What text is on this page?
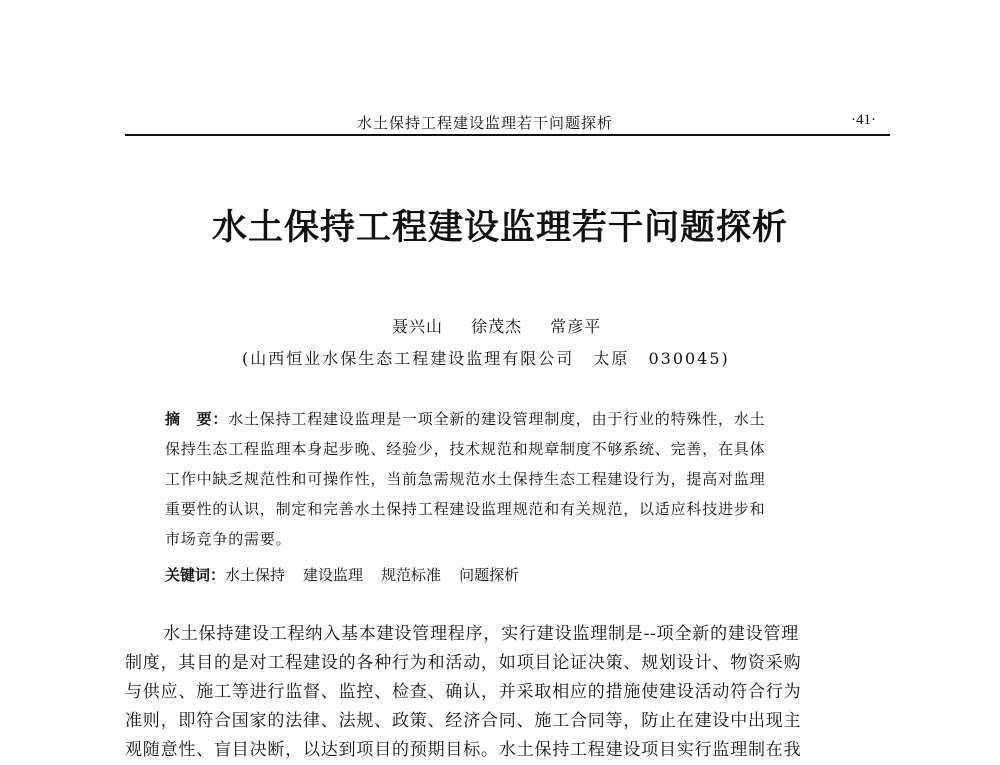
水土保持工程建设监理若干问题探析	·41·
水土保持工程建设监理若干问题探析
聂兴山 徐茂杰 常彦平
(山西恒业水保生态工程建设监理有限公司 太原 030045)
摘　要：水土保持工程建设监理是一项全新的建设管理制度，由于行业的特殊性，水土
保持生态工程监理本身起步晚、经验少，技术规范和规章制度不够系统、完善，在具体
工作中缺乏规范性和可操作性，当前急需规范水土保持生态工程建设行为，提高对监理
重要性的认识，制定和完善水土保持工程建设监理规范和有关规范，以适应科技进步和
市场竞争的需要。
关键词：水土保持 建设监理 规范标准 问题探析
水土保持建设工程纳入基本建设管理程序，实行建设监理制是--项全新的建设管理
制度，其目的是对工程建设的各种行为和活动，如项目论证决策、规划设计、物资采购
与供应、施工等进行监督、监控、检查、确认，并采取相应的措施使建设活动符合行为
准则，即符合国家的法律、法规、政策、经济合同、施工合同等，防止在建设中出现主
观随意性、盲目决断，以达到项目的预期目标。水土保持工程建设项目实行监理制在我
